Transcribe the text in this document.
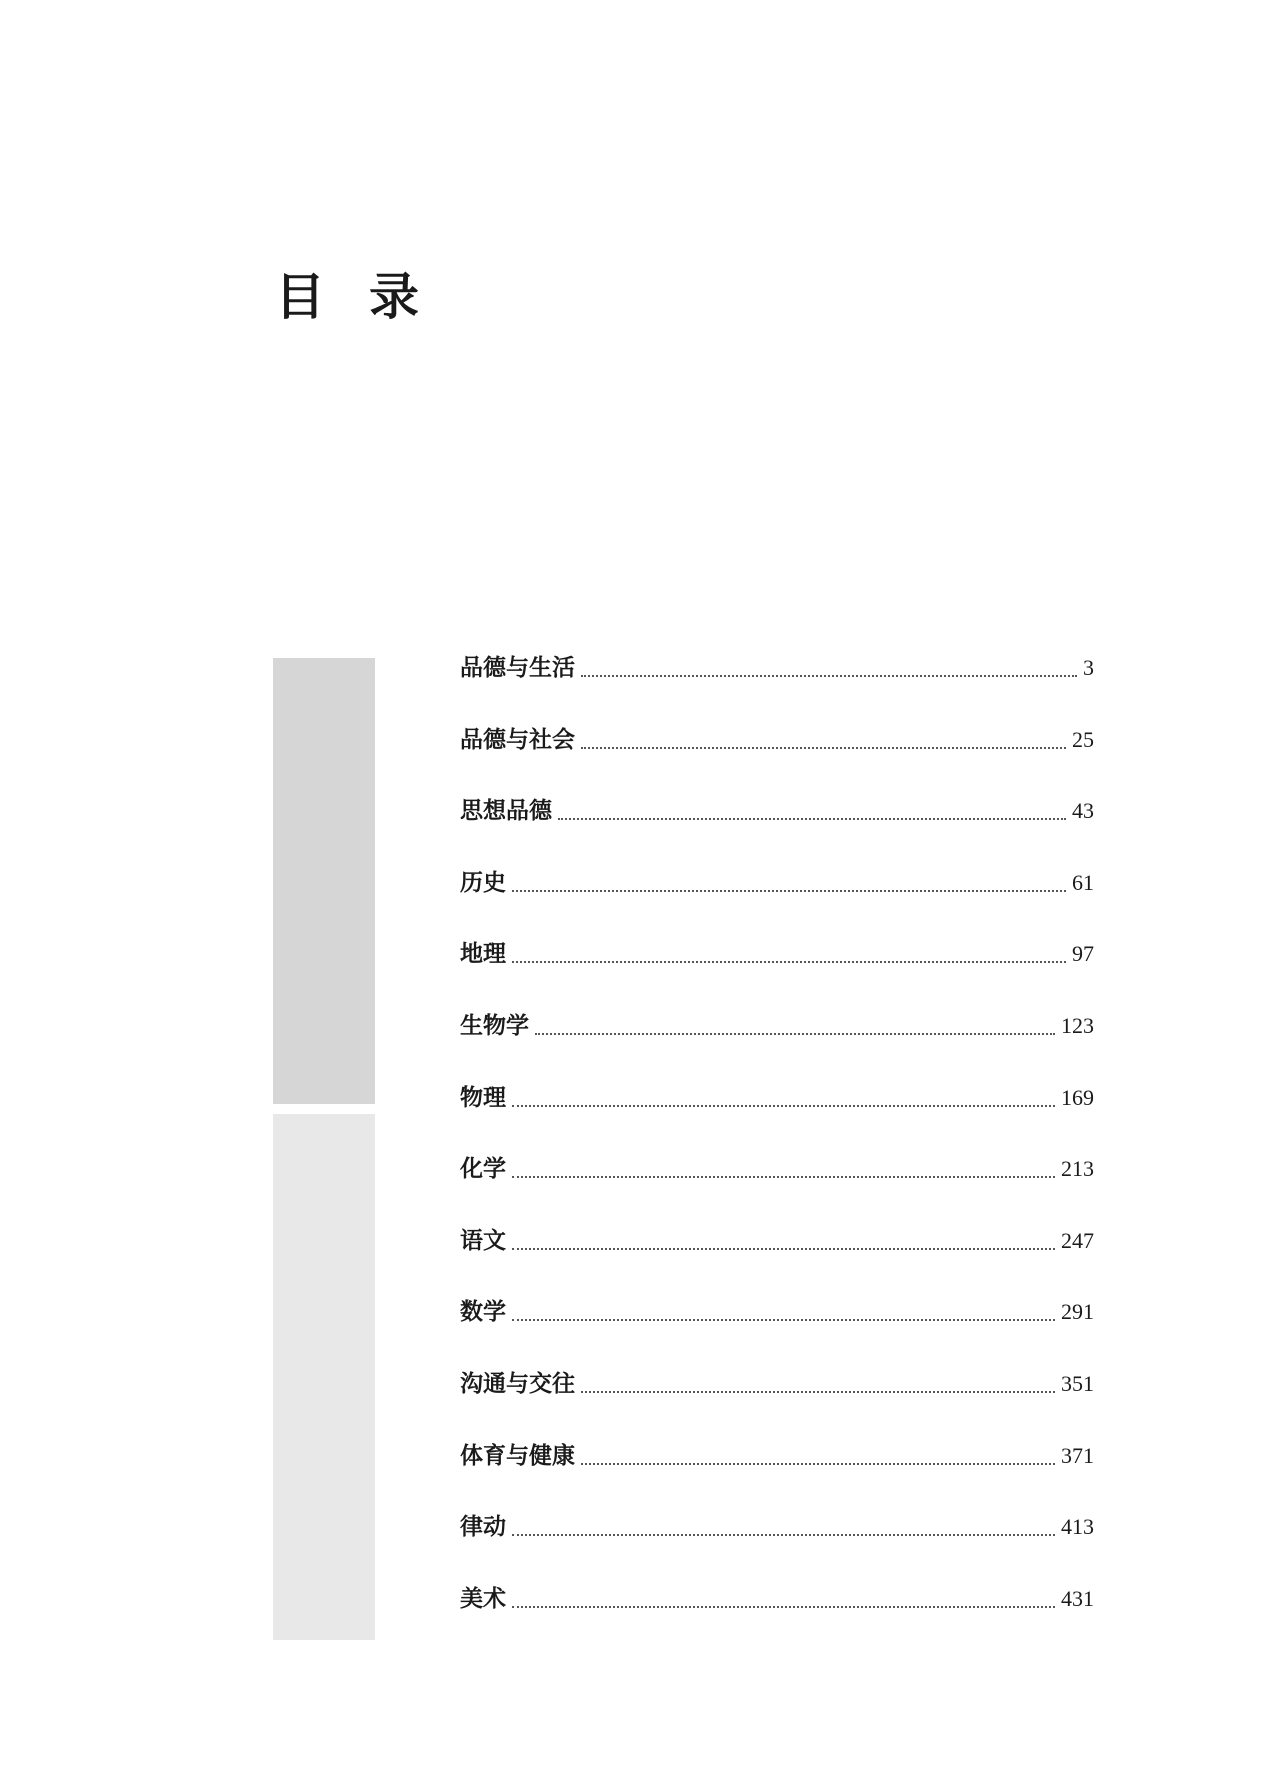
目 录
品德与生活	3
品德与社会	25
思想品德	43
历史	61
地理	97
生物学	123
物理	169
化学	213
语文	247
数学	291
沟通与交往	351
体育与健康	371
律动	413
美术	431
